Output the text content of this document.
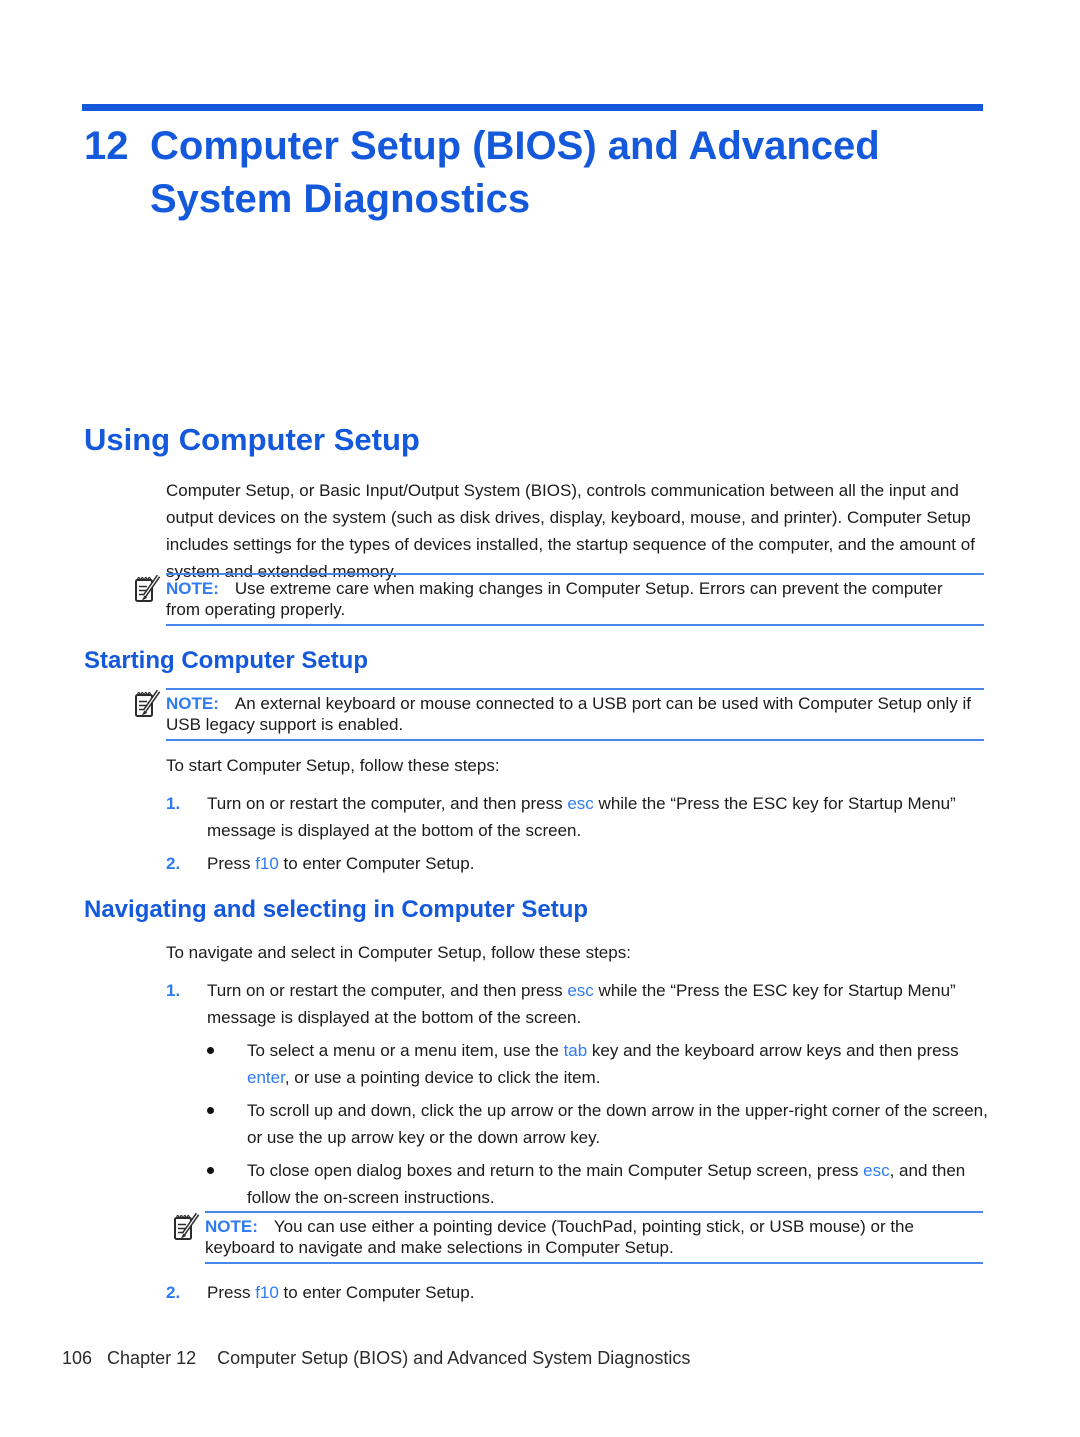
12 Computer Setup (BIOS) and Advanced System Diagnostics
Using Computer Setup

Computer Setup, or Basic Input/Output System (BIOS), controls communication between all the input and output devices on the system (such as disk drives, display, keyboard, mouse, and printer). Computer Setup includes settings for the types of devices installed, the startup sequence of the computer, and the amount of system and extended memory.

NOTE: Use extreme care when making changes in Computer Setup. Errors can prevent the computer from operating properly.

Starting Computer Setup

NOTE: An external keyboard or mouse connected to a USB port can be used with Computer Setup only if USB legacy support is enabled.

To start Computer Setup, follow these steps:

1.	Turn on or restart the computer, and then press esc while the “Press the ESC key for Startup Menu” message is displayed at the bottom of the screen.
2.	Press f10 to enter Computer Setup.
Navigating and selecting in Computer Setup

To navigate and select in Computer Setup, follow these steps:

1.	Turn on or restart the computer, and then press esc while the “Press the ESC key for Startup Menu” message is displayed at the bottom of the screen.
To select a menu or a menu item, use the tab key and the keyboard arrow keys and then press enter, or use a pointing device to click the item.
To scroll up and down, click the up arrow or the down arrow in the upper-right corner of the screen, or use the up arrow key or the down arrow key.
To close open dialog boxes and return to the main Computer Setup screen, press esc, and then follow the on-screen instructions.

NOTE: You can use either a pointing device (TouchPad, pointing stick, or USB mouse) or the keyboard to navigate and make selections in Computer Setup.

2.	Press f10 to enter Computer Setup.
106 Chapter 12 Computer Setup (BIOS) and Advanced System Diagnostics
